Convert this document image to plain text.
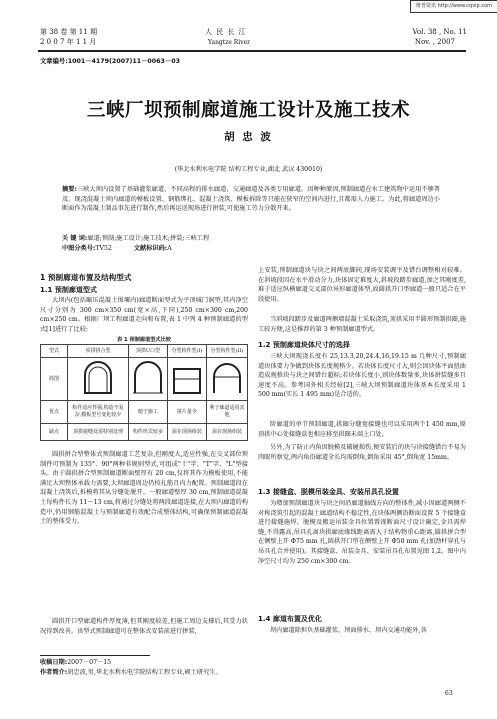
维普资讯 http://www.cqvip.com
第 38 卷 第 11 期
2 0 0 7 年 1 1 月
人 民 长 江
Yangtze River
Vol. 38 , No. 11
Nov. , 2007
文章编号:1001－4179(2007)11－0063－03
三峡厂坝预制廊道施工设计及施工技术
胡 忠 波
(华北水利水电学院 结构工程专业,湖北 武汉 430010)
摘要:三峡大坝内设置了基础灌浆廊道、不同高程的排水廊道、交通廊道及各类专用廊道。因种种原因,预制廊道在水工建筑物中运用不够普及。现浇混凝土坝内廊道的模板设置、钢筋绑扎、混凝土浇筑、模板拆除等只能在狭窄的空间内进行,且都需人力施工。为此,将廊道周边小断面作为混凝土制品事先进行制作,然后再运送现场进行拼装,可使施工劳力分散开来。
关 键 词:廊道;预制;施工设计;施工技术;拼装;三峡工程
中图分类号:TV52	文献标识码:A
1 预制廊道布置及结构型式
1.1 预制廊道型式
大坝内(包括碾压混凝土围堰内)廊道断面型式为平顶城门洞型,其内净空尺寸分别为 300 cm×350 cm(宽×高,下同),250 cm×300 cm,200 cm×250 cm。根据厂坝工程廊道走向和布置,表 1 中列 4 种预制廊道的型式[1]进行了比较:
表 1 预制廊道型式比较
型式	顶拱拼合型	顶拱U口型	分型构件型(I)	分型构件型(II)
简图				
优点	构件适应性强,构造不复杂,模板型号变化较少	便于施工	拼片量少	利于廊道适用其他
缺点	顶拱接缝处需特别处理	构件形式较多	需在现场组装	需在现场组装
圆拱拼合型整体式预制廊道工艺复杂,但刚度大,适应性强,在交叉部位预制件可预制为 135°、90°两种非规则型式,可组成"十"字、"T"字、"L"型接头。由于圆拱拼合型预制廊道断面壁厚有 20 cm,仅将其作为模板使用,不能满足大坝整体承载力需要,大坝廊道周边仍按扎筋且内力配置。预制廊道段在混凝土浇筑后,拆模将其从分缝处脱开。一般廊道壁厚 30 cm,预制廊道混凝土每构件长为 11～13 cm,将通过分缝处将两段廊道连接,在大坝内廊道的构造中,仍用钢筋混凝土与预制廊道有效配合成整体结构,可确保预制廊道混凝土的整体受力。
圆拱开口型廊道构件厚度薄,但其刚度较差,但施工周边支撑后,其受力状况得到改善。该型式预制廊道可在整体式安装前进行拼装,
上安装,预制廊道块与块之间两底脚间,现场安装调平及错台调整相对较难。在斜坡段因在水平滑动分力,块体固定难度大,斜坡段踏步廊道,加之其刚度差,难于适应纵横廊道交叉部位异形廊道体型,故圆拱开口型廊道一般只适合在平段使用。
当斜坡段踏步及廊道两侧墙混凝土采取浇筑,顶拱采用半圆形预制拱圈,施工较方便,这是推荐的第 3 种预制廊道型式。
1.2 预制廊道块体尺寸的选择
三峡大坝现浇长度有 25,13.3,20,24.4,16,19.15 m 几种尺寸,预制廊道块体要力争做到块体长度规格少。若块体长度尺寸大,则会因块体平面扭曲造成规格块与块之间错台超标;若块体长度小,则块体数量多,块体拼装缝多且速度不高。参考国外相关经验[2],三峡大坝预制廊道块体基本长度采用 1 500 mm(实长 1 495 mm)是合适的。
阶廊道的单节预制廊道,拱圈分缝宽接缝也可以采用两个1 450 mm,原顶拱中心处接缝盒也相应移至拱圈未端上口处。
另外,为了防止内角因脱模及破碰损伤,便安装后的块与块接缝错台不易为肉眼所察觉,两内角沿廊道全长均需倒角,倒角采用 45°,倒角宽 15mm。
1.3 接缝盒、脱模吊装金具、安装吊具孔设置
为增加预制廊道块与块之间沿廊道轴线方向的整体性,减小因廊道两侧不对称浇筑引起的混凝土廊道结构不稳定性,在块体两侧沿断面设置 5 个接缝盒进行接缝施焊。脱模及搬运吊装金具位置置视断面尺寸设计确定,金具需焊缝,不得露高,吊具孔离块拱廊底缘线距离需大于结构物重心距离,圆拱拼合型在侧壁上开 Φ75 mm 孔,圆拱开口型在侧壁上开 Φ50 mm 孔(加劲杆穿孔与吊具孔合并使用)。其接缝盒、吊装金具、安装吊具孔布置见图 1,2。图中内净空尺寸均为 250 cm×300 cm。
1.4 廊道布置及优化
坝内廊道除担负基础灌浆、坝面排水、坝内交通功能外,各
收稿日期:2007－07－15
作者简介:胡忠波,男,华北水利水电学院结构工程专业,硕士研究生。
63
